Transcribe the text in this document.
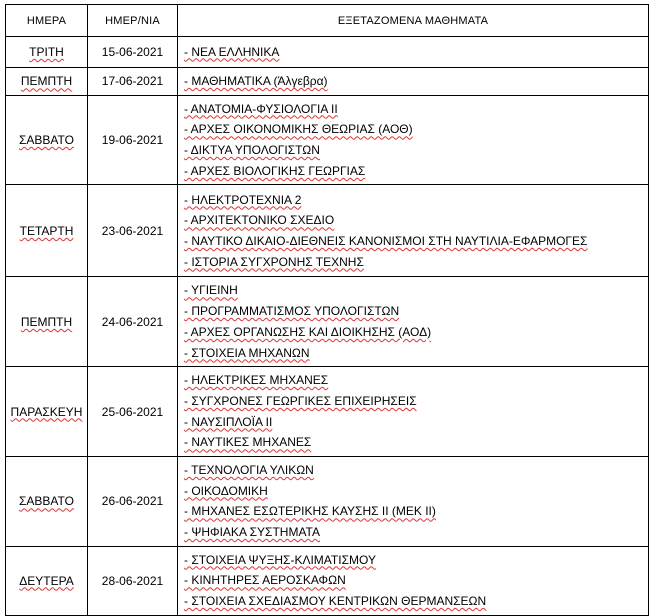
ΗΜΕΡΑ	ΗΜΕΡ/ΝΙΑ	ΕΞΕΤΑΖΟΜΕΝΑ ΜΑΘΗΜΑΤΑ
ΤΡΙΤΗ	15-06-2021	- ΝΕΑ ΕΛΛΗΝΙΚΑ

ΠΕΜΠΤΗ	17-06-2021	- ΜΑΘΗΜΑΤΙΚΑ (Άλγεβρα)

ΣΑΒΒΑΤΟ	19-06-2021	- ΑΝΑΤΟΜΙΑ-ΦΥΣΙΟΛΟΓΙΑ ΙΙ
- ΑΡΧΕΣ ΟΙΚΟΝΟΜΙΚΗΣ ΘΕΩΡΙΑΣ (ΑΟΘ)
- ΔΙΚΤΥΑ ΥΠΟΛΟΓΙΣΤΩΝ
- ΑΡΧΕΣ ΒΙΟΛΟΓΙΚΗΣ ΓΕΩΡΓΙΑΣ

ΤΕΤΑΡΤΗ	23-06-2021	- ΗΛΕΚΤΡΟΤΕΧΝΙΑ 2
- ΑΡΧΙΤΕΚΤΟΝΙΚΟ ΣΧΕΔΙΟ
- ΝΑΥΤΙΚΟ ΔΙΚΑΙΟ-ΔΙΕΘΝΕΙΣ ΚΑΝΟΝΙΣΜΟΙ ΣΤΗ ΝΑΥΤΙΛΙΑ-ΕΦΑΡΜΟΓΕΣ
- ΙΣΤΟΡΙΑ ΣΥΓΧΡΟΝΗΣ ΤΕΧΝΗΣ

ΠΕΜΠΤΗ	24-06-2021	- ΥΓΙΕΙΝΗ
- ΠΡΟΓΡΑΜΜΑΤΙΣΜΟΣ ΥΠΟΛΟΓΙΣΤΩΝ
- ΑΡΧΕΣ ΟΡΓΑΝΩΣΗΣ ΚΑΙ ΔΙΟΙΚΗΣΗΣ (ΑΟΔ)
- ΣΤΟΙΧΕΙΑ ΜΗΧΑΝΩΝ

ΠΑΡΑΣΚΕΥΗ	25-06-2021	- ΗΛΕΚΤΡΙΚΕΣ ΜΗΧΑΝΕΣ
- ΣΥΓΧΡΟΝΕΣ ΓΕΩΡΓΙΚΕΣ ΕΠΙΧΕΙΡΗΣΕΙΣ
- ΝΑΥΣΙΠΛΟΪΑ ΙΙ
- ΝΑΥΤΙΚΕΣ ΜΗΧΑΝΕΣ

ΣΑΒΒΑΤΟ	26-06-2021	- ΤΕΧΝΟΛΟΓΙΑ ΥΛΙΚΩΝ
- ΟΙΚΟΔΟΜΙΚΗ
- ΜΗΧΑΝΕΣ ΕΣΩΤΕΡΙΚΗΣ ΚΑΥΣΗΣ ΙΙ (ΜΕΚ ΙΙ)
- ΨΗΦΙΑΚΑ ΣΥΣΤΗΜΑΤΑ

ΔΕΥΤΕΡΑ	28-06-2021	- ΣΤΟΙΧΕΙΑ ΨΥΞΗΣ-ΚΛΙΜΑΤΙΣΜΟΥ
- ΚΙΝΗΤΗΡΕΣ ΑΕΡΟΣΚΑΦΩΝ
- ΣΤΟΙΧΕΙΑ ΣΧΕΔΙΑΣΜΟΥ ΚΕΝΤΡΙΚΩΝ ΘΕΡΜΑΝΣΕΩΝ
